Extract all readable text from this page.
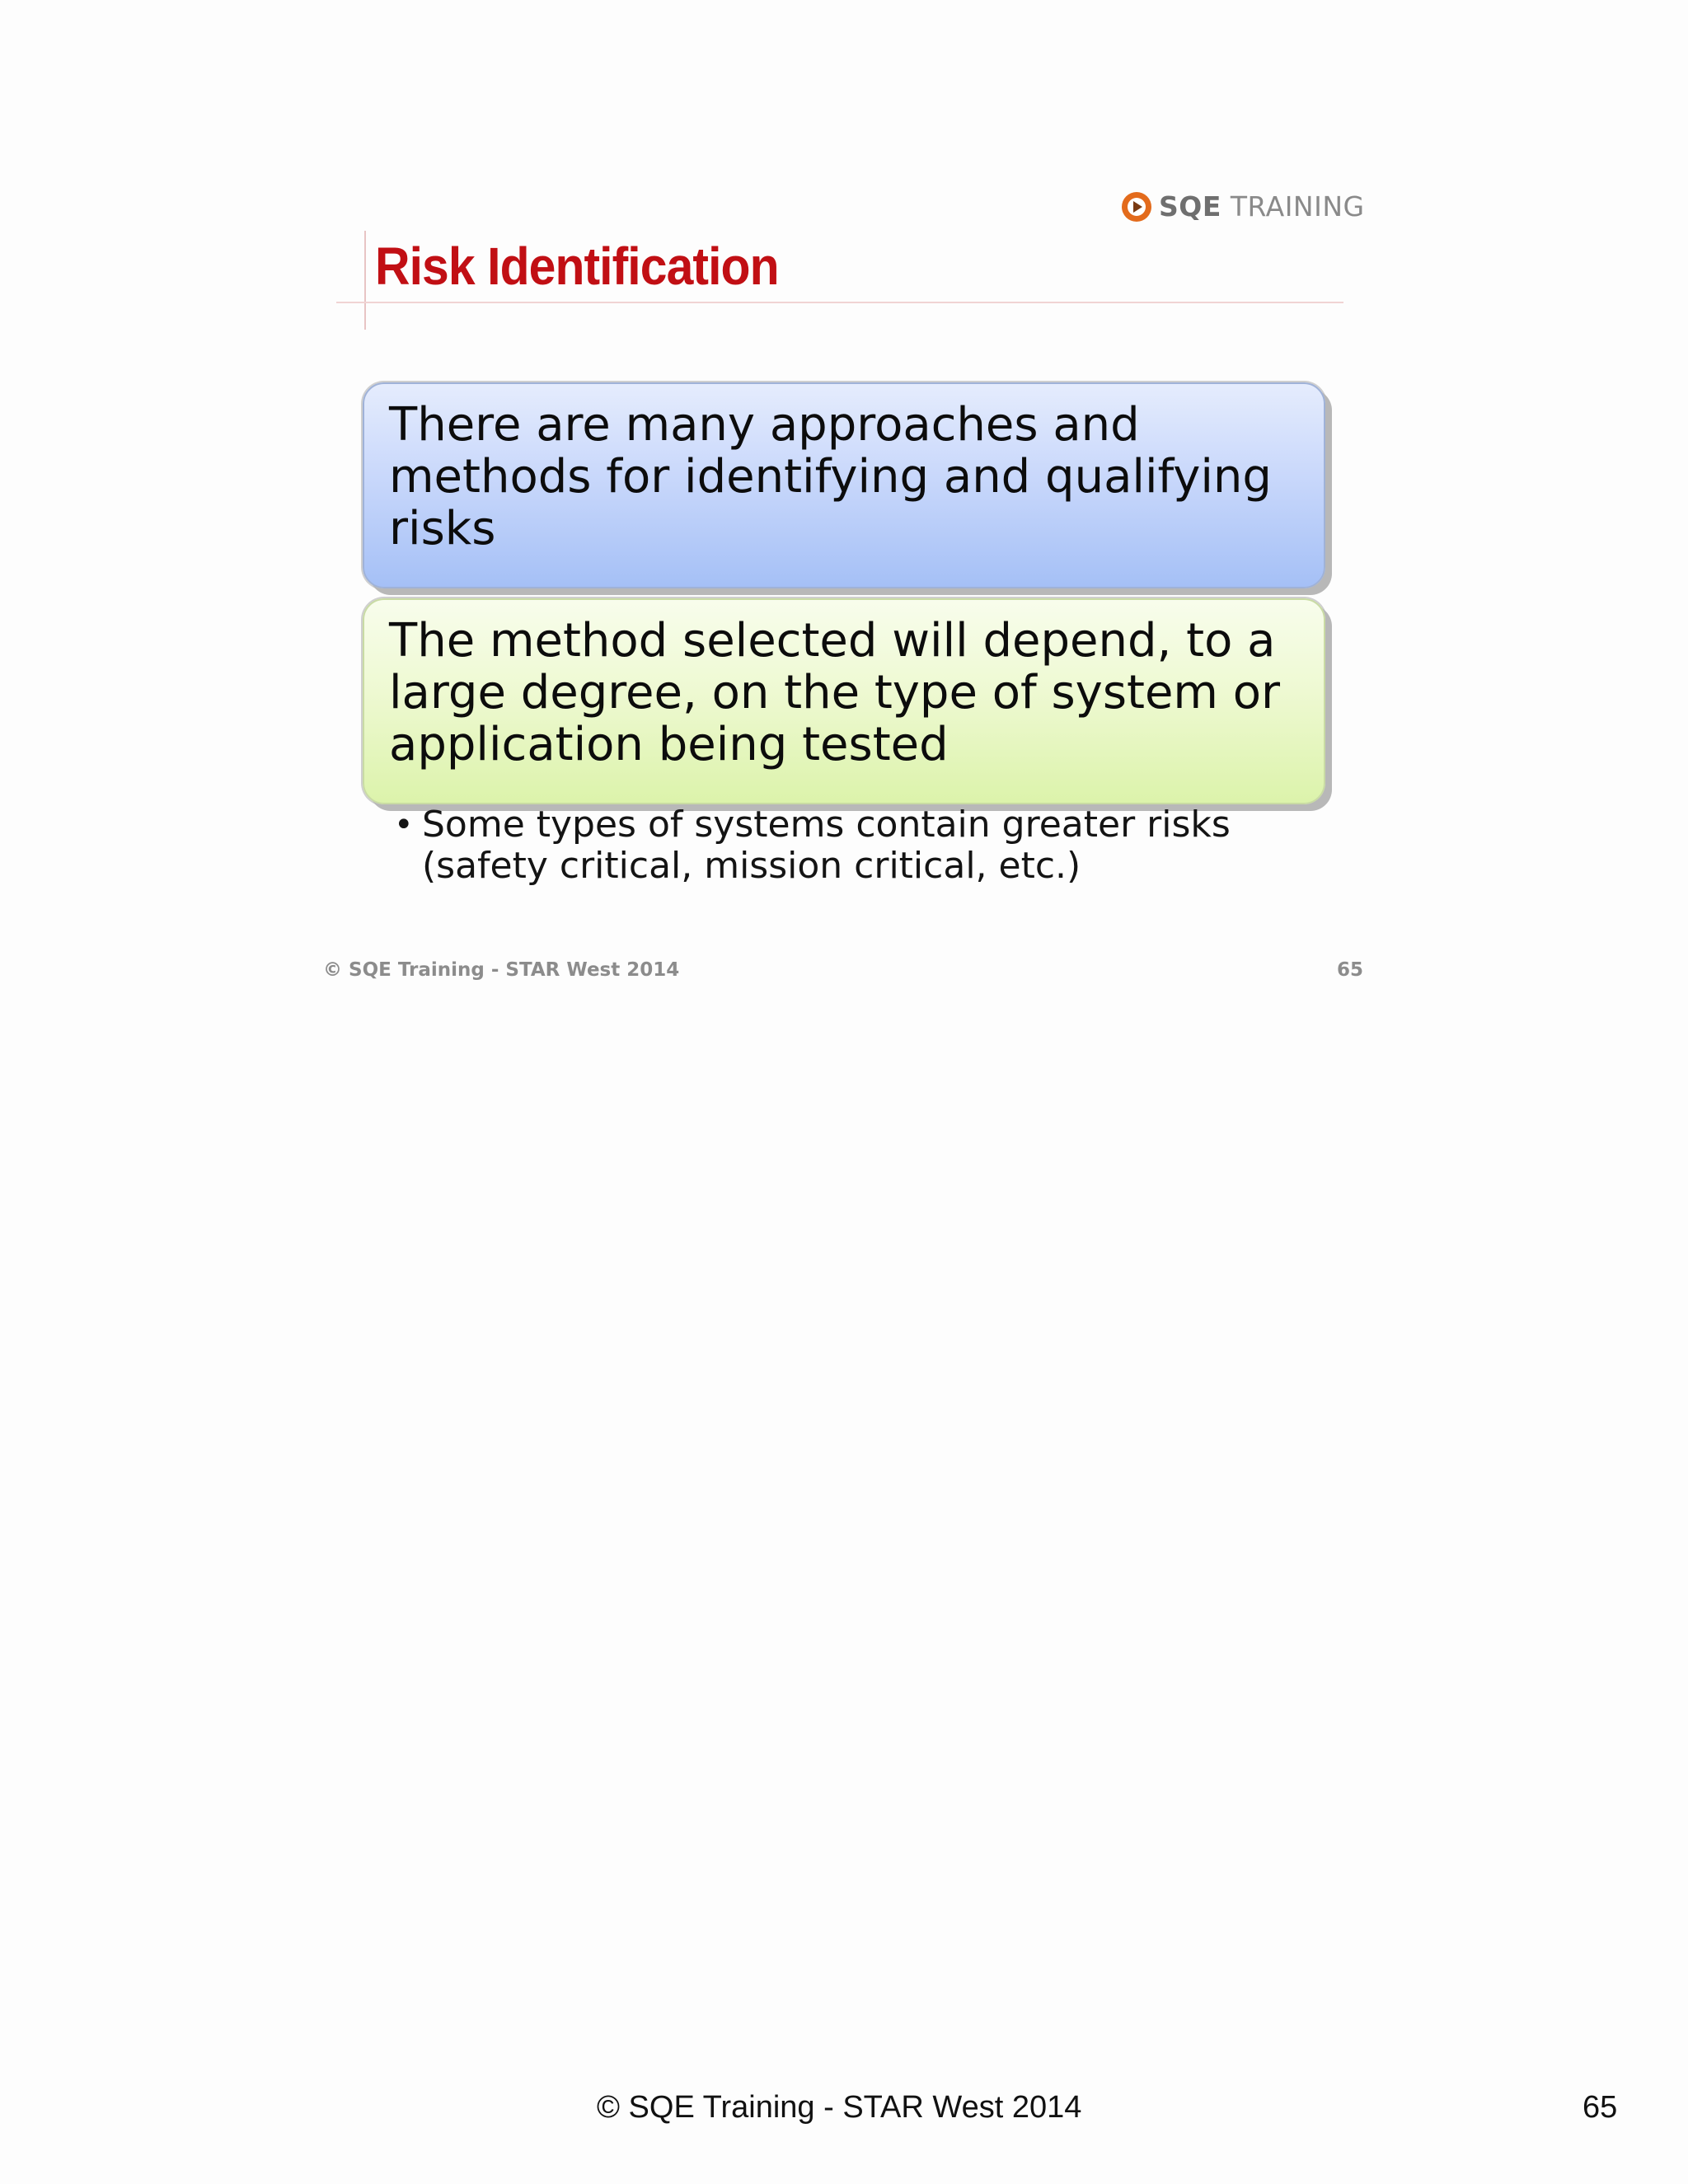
SQE TRAINING
Risk Identification
There are many approaches and methods for identifying and qualifying risks
The method selected will depend, to a large degree, on the type of system or application being tested
• Some types of systems contain greater risks (safety critical, mission critical, etc.)
© SQE Training - STAR West 2014	65
© SQE Training - STAR West 2014	65
